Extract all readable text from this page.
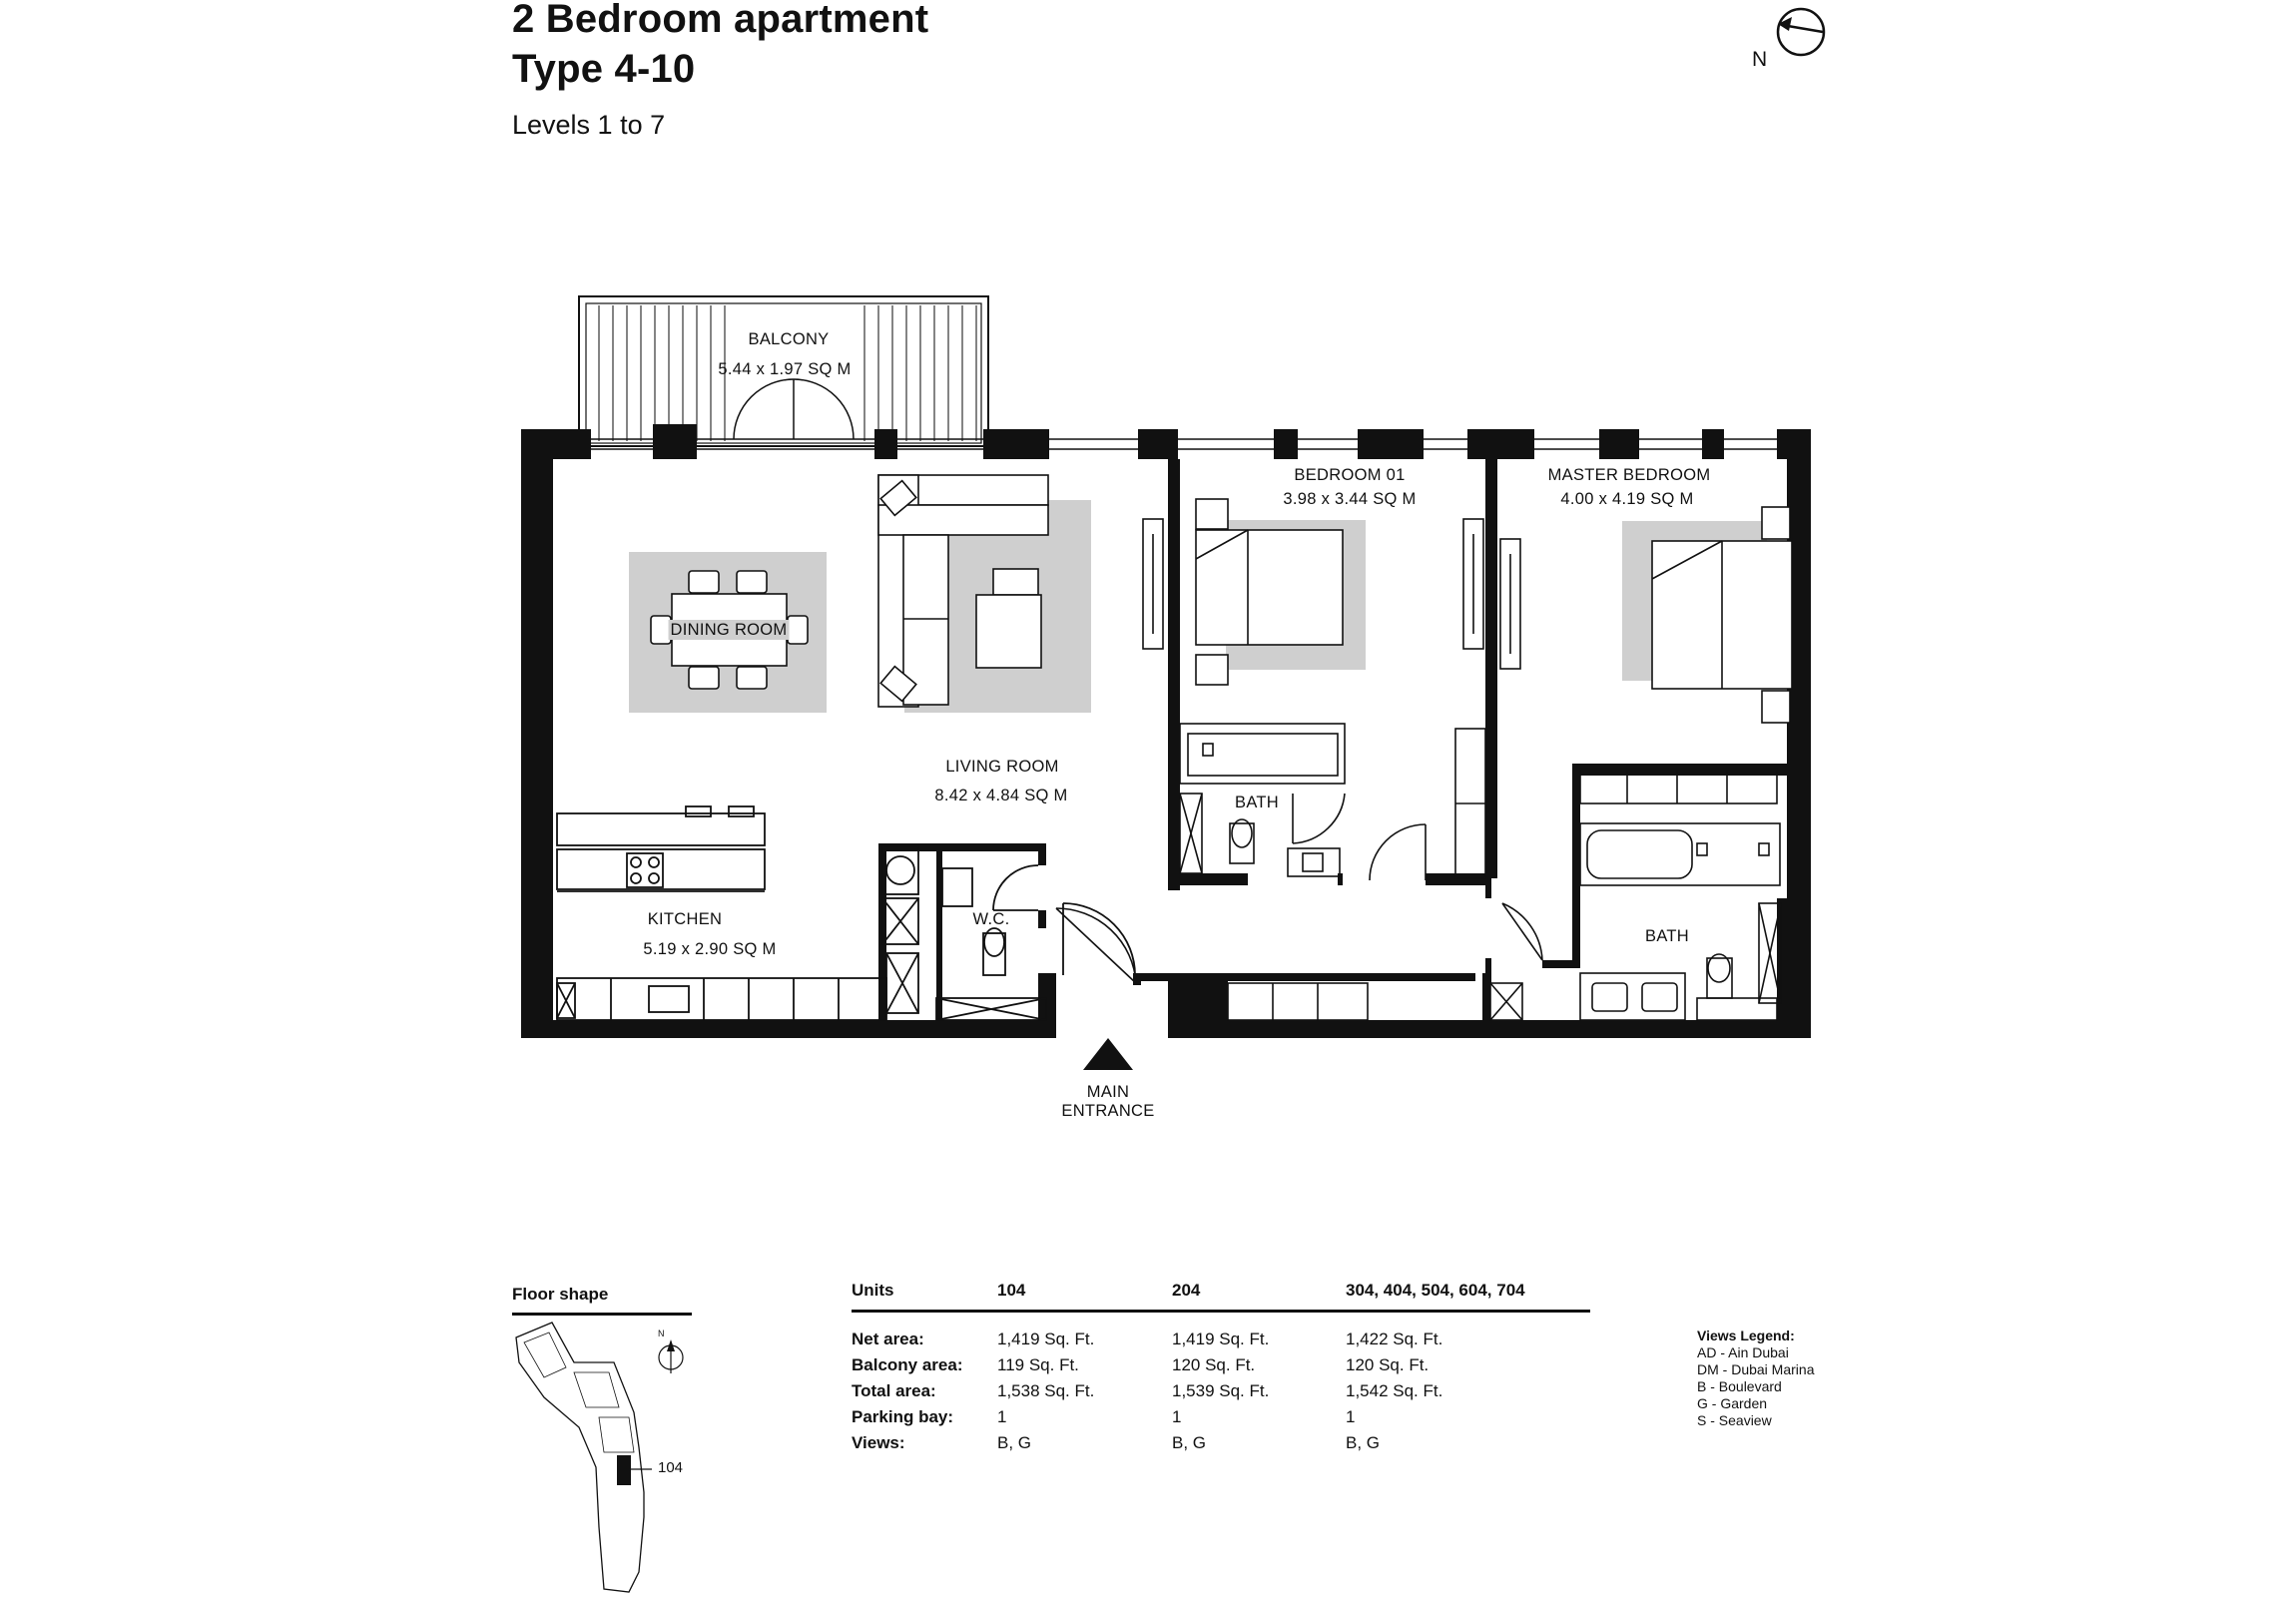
2 Bedroom apartment
Type 4-10
Levels 1 to 7
N
BALCONY
5.44 x 1.97 SQ M
DINING ROOM
LIVING ROOM
8.42 x 4.84 SQ M
BEDROOM 01
3.98 x 3.44 SQ M
MASTER BEDROOM
4.00 x 4.19 SQ M
BATH
BATH
KITCHEN
5.19 x 2.90 SQ M
W.C.
MAIN
ENTRANCE
Floor shape
N
104
Units	104	204	304, 404, 504, 604, 704

Net area:	1,419 Sq. Ft.	1,419 Sq. Ft.	1,422 Sq. Ft.
Balcony area:	119 Sq. Ft.	120 Sq. Ft.	120 Sq. Ft.
Total area:	1,538 Sq. Ft.	1,539 Sq. Ft.	1,542 Sq. Ft.
Parking bay:	1	1	1
Views:	B, G	B, G	B, G
Views Legend:
AD - Ain Dubai
DM - Dubai Marina
B - Boulevard
G - Garden
S - Seaview
